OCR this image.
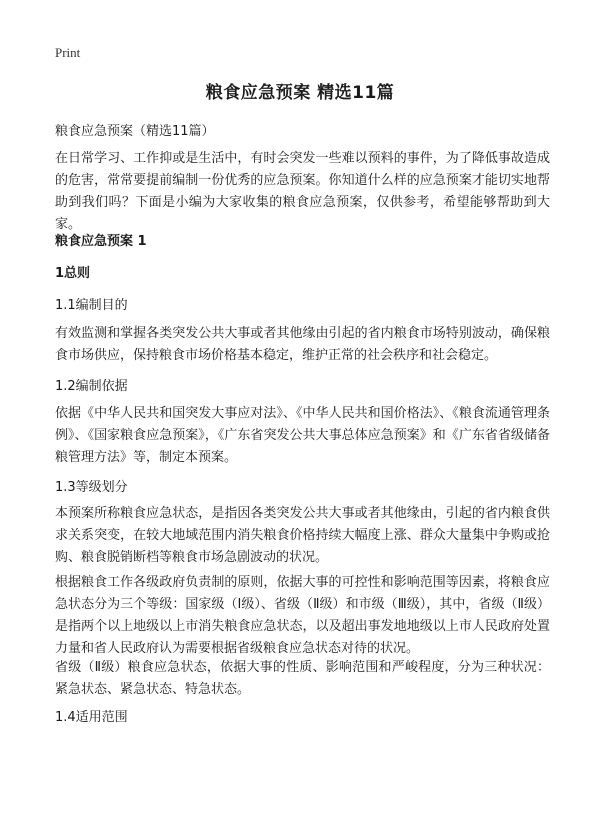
Print
粮食应急预案 精选11篇

粮食应急预案（精选11篇）

在日常学习、工作抑或是生活中，有时会突发一些难以预料的事件，为了降低事故造成的危害，常常要提前编制一份优秀的应急预案。你知道什么样的应急预案才能切实地帮助到我们吗？下面是小编为大家收集的粮食应急预案，仅供参考，希望能够帮助到大家。

粮食应急预案 1

1总则

1.1编制目的

有效监测和掌握各类突发公共大事或者其他缘由引起的省内粮食市场特别波动，确保粮食市场供应，保持粮食市场价格基本稳定，维护正常的社会秩序和社会稳定。

1.2编制依据

依据《中华人民共和国突发大事应对法》、《中华人民共和国价格法》、《粮食流通管理条例》、《国家粮食应急预案》，《广东省突发公共大事总体应急预案》和《广东省省级储备粮管理方法》等，制定本预案。

1.3等级划分

本预案所称粮食应急状态，是指因各类突发公共大事或者其他缘由，引起的省内粮食供求关系突变，在较大地域范围内消失粮食价格持续大幅度上涨、群众大量集中争购或抢购、粮食脱销断档等粮食市场急剧波动的状况。

根据粮食工作各级政府负责制的原则，依据大事的可控性和影响范围等因素，将粮食应急状态分为三个等级：国家级（Ⅰ级）、省级（Ⅱ级）和市级（Ⅲ级），其中，省级（Ⅱ级）是指两个以上地级以上市消失粮食应急状态，以及超出事发地地级以上市人民政府处置力量和省人民政府认为需要根据省级粮食应急状态对待的状况。

省级（Ⅱ级）粮食应急状态，依据大事的性质、影响范围和严峻程度，分为三种状况：紧急状态、紧急状态、特急状态。

1.4适用范围
